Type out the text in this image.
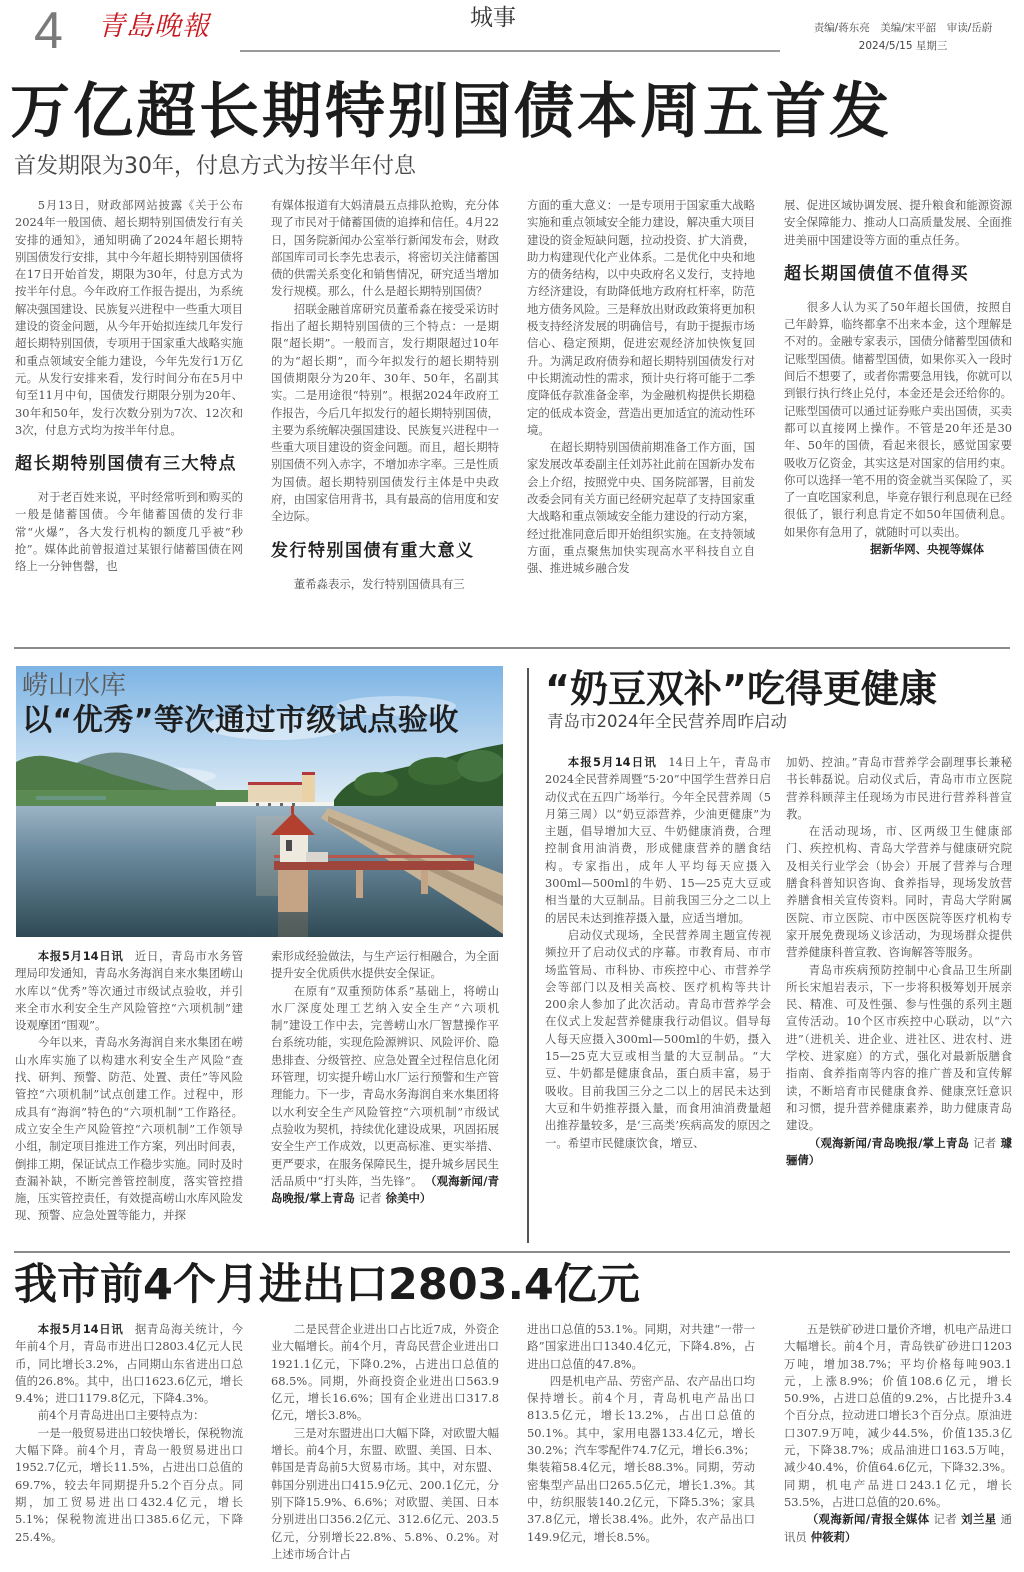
4 青島晚報	城事	责编/蒋东亮　美编/宋平韶　审读/岳蔚
2024/5/15 星期三
万亿超长期特别国债本周五首发
首发期限为30年，付息方式为按半年付息

5月13日，财政部网站披露《关于公布2024年一般国债、超长期特别国债发行有关安排的通知》，通知明确了2024年超长期特别国债发行安排，其中今年超长期特别国债将在17日开始首发，期限为30年，付息方式为按半年付息。今年政府工作报告提出，为系统解决强国建设、民族复兴进程中一些重大项目建设的资金问题，从今年开始拟连续几年发行超长期特别国债，专项用于国家重大战略实施和重点领域安全能力建设，今年先发行1万亿元。从发行安排来看，发行时间分布在5月中旬至11月中旬，国债发行期限分别为20年、30年和50年，发行次数分别为7次、12次和3次，付息方式均为按半年付息。

超长期特别国债有三大特点

对于老百姓来说，平时经常听到和购买的一般是储蓄国债。今年储蓄国债的发行非常“火爆”，各大发行机构的额度几乎被“秒抢”。媒体此前曾报道过某银行储蓄国债在网络上一分钟售罄，也

有媒体报道有大妈清晨五点排队抢购，充分体现了市民对于储蓄国债的追捧和信任。4月22日，国务院新闻办公室举行新闻发布会，财政部国库司司长李先忠表示，将密切关注储蓄国债的供需关系变化和销售情况，研究适当增加发行规模。那么，什么是超长期特别国债？

招联金融首席研究员董希淼在接受采访时指出了超长期特别国债的三个特点：一是期限“超长期”。一般而言，发行期限超过10年的为“超长期”，而今年拟发行的超长期特别国债期限分为20年、30年、50年，名副其实。二是用途很“特别”。根据2024年政府工作报告，今后几年拟发行的超长期特别国债，主要为系统解决强国建设、民族复兴进程中一些重大项目建设的资金问题。而且，超长期特别国债不列入赤字，不增加赤字率。三是性质为国债。超长期特别国债发行主体是中央政府，由国家信用背书，具有最高的信用度和安全边际。

发行特别国债有重大意义

董希淼表示，发行特别国债具有三

方面的重大意义：一是专项用于国家重大战略实施和重点领域安全能力建设，解决重大项目建设的资金短缺问题，拉动投资、扩大消费，助力构建现代化产业体系。二是优化中央和地方的债务结构，以中央政府名义发行，支持地方经济建设，有助降低地方政府杠杆率，防范地方债务风险。三是释放出财政政策将更加积极支持经济发展的明确信号，有助于提振市场信心、稳定预期，促进宏观经济加快恢复回升。为满足政府债券和超长期特别国债发行对中长期流动性的需求，预计央行将可能于二季度降低存款准备金率，为金融机构提供长期稳定的低成本资金，营造出更加适宜的流动性环境。

在超长期特别国债前期准备工作方面，国家发展改革委副主任刘苏社此前在国新办发布会上介绍，按照党中央、国务院部署，目前发改委会同有关方面已经研究起草了支持国家重大战略和重点领域安全能力建设的行动方案，经过批准同意后即开始组织实施。在支持领域方面，重点聚焦加快实现高水平科技自立自强、推进城乡融合发

展、促进区域协调发展、提升粮食和能源资源安全保障能力、推动人口高质量发展、全面推进美丽中国建设等方面的重点任务。

超长期国债值不值得买

很多人认为买了50年超长国债，按照自己年龄算，临终都拿不出来本金，这个理解是不对的。金融专家表示，国债分储蓄型国债和记账型国债。储蓄型国债，如果你买入一段时间后不想要了，或者你需要急用钱，你就可以到银行执行终止兑付，本金还是会还给你的。记账型国债可以通过证券账户卖出国债，买卖都可以直接网上操作。不管是20年还是30年、50年的国债，看起来很长，感觉国家要吸收万亿资金，其实这是对国家的信用约束。你可以选择一笔不用的资金就当买保险了，买了一直吃国家利息，毕竟存银行利息现在已经很低了，银行利息肯定不如50年国债利息。如果你有急用了，就随时可以卖出。

据新华网、央视等媒体

崂山水库
以“优秀”等次通过市级试点验收

本报5月14日讯 近日，青岛市水务管理局印发通知，青岛水务海润自来水集团崂山水库以“优秀”等次通过市级试点验收，并引来全市水利安全生产风险管控“六项机制”建设观摩团“围观”。

今年以来，青岛水务海润自来水集团在崂山水库实施了以构建水利安全生产风险“查找、研判、预警、防范、处置、责任”等风险管控“六项机制”试点创建工作。过程中，形成具有“海润”特色的“六项机制”工作路径。成立安全生产风险管控“六项机制”工作领导小组，制定项目推进工作方案，列出时间表，倒排工期，保证试点工作稳步实施。同时及时查漏补缺，不断完善管控制度，落实管控措施，压实管控责任，有效提高崂山水库风险发现、预警、应急处置等能力，并探

索形成经验做法，与生产运行相融合，为全面提升安全优质供水提供安全保证。

在原有“双重预防体系”基础上，将崂山水厂深度处理工艺纳入安全生产“六项机制”建设工作中去，完善崂山水厂智慧操作平台系统功能，实现危险源辨识、风险评价、隐患排查、分级管控、应急处置全过程信息化闭环管理，切实提升崂山水厂运行预警和生产管理能力。下一步，青岛水务海润自来水集团将以水利安全生产风险管控“六项机制”市级试点验收为契机，持续优化建设成果，巩固拓展安全生产工作成效，以更高标准、更实举措、更严要求，在服务保障民生，提升城乡居民生活品质中“打头阵，当先锋”。 （观海新闻/青岛晚报/掌上青岛 记者 徐美中）

“奶豆双补”吃得更健康
青岛市2024年全民营养周昨启动

本报5月14日讯 14日上午，青岛市2024全民营养周暨“5·20”中国学生营养日启动仪式在五四广场举行。今年全民营养周（5月第三周）以“奶豆添营养，少油更健康”为主题，倡导增加大豆、牛奶健康消费，合理控制食用油消费，形成健康营养的膳食结构。专家指出，成年人平均每天应摄入300ml—500ml的牛奶、15—25克大豆或相当量的大豆制品。目前我国三分之二以上的居民未达到推荐摄入量，应适当增加。

启动仪式现场，全民营养周主题宣传视频拉开了启动仪式的序幕。市教育局、市市场监管局、市科协、市疾控中心、市营养学会等部门以及相关高校、医疗机构等共计200余人参加了此次活动。青岛市营养学会在仪式上发起营养健康我行动倡议。倡导每人每天应摄入300ml—500ml的牛奶，摄入15—25克大豆或相当量的大豆制品。“大豆、牛奶都是健康食品，蛋白质丰富，易于吸收。目前我国三分之二以上的居民未达到大豆和牛奶推荐摄入量，而食用油消费量超出推荐量较多，是‘三高类’疾病高发的原因之一。希望市民健康饮食，增豆、

加奶、控油。”青岛市营养学会副理事长兼秘书长韩磊说。启动仪式后，青岛市市立医院营养科顾萍主任现场为市民进行营养科普宣教。

在活动现场，市、区两级卫生健康部门、疾控机构、青岛大学营养与健康研究院及相关行业学会（协会）开展了营养与合理膳食科普知识咨询、食养指导，现场发放营养膳食相关宣传资料。同时，青岛大学附属医院、市立医院、市中医医院等医疗机构专家开展免费现场义诊活动，为现场群众提供营养健康科普宣教、咨询解答等服务。

青岛市疾病预防控制中心食品卫生所副所长宋旭岩表示，下一步将积极筹划开展亲民、精准、可及性强、参与性强的系列主题宣传活动。10个区市疾控中心联动，以“六进”（进机关、进企业、进社区、进农村、进学校、进家庭）的方式，强化对最新版膳食指南、食养指南等内容的推广普及和宣传解读，不断培育市民健康食养、健康烹饪意识和习惯，提升营养健康素养，助力健康青岛建设。

（观海新闻/青岛晚报/掌上青岛 记者 璩骊倩）

我市前4个月进出口2803.4亿元

本报5月14日讯 据青岛海关统计，今年前4个月，青岛市进出口2803.4亿元人民币，同比增长3.2%，占同期山东省进出口总值的26.8%。其中，出口1623.6亿元，增长9.4%；进口1179.8亿元，下降4.3%。

前4个月青岛进出口主要特点为：

一是一般贸易进出口较快增长，保税物流大幅下降。前4个月，青岛一般贸易进出口1952.7亿元，增长11.5%，占进出口总值的69.7%，较去年同期提升5.2个百分点。同期，加工贸易进出口432.4亿元，增长5.1%；保税物流进出口385.6亿元，下降25.4%。

二是民营企业进出口占比近7成，外资企业大幅增长。前4个月，青岛民营企业进出口1921.1亿元，下降0.2%，占进出口总值的68.5%。同期，外商投资企业进出口563.9亿元，增长16.6%；国有企业进出口317.8亿元，增长3.8%。

三是对东盟进出口大幅下降，对欧盟大幅增长。前4个月，东盟、欧盟、美国、日本、韩国是青岛前5大贸易市场。其中，对东盟、韩国分别进出口415.9亿元、200.1亿元，分别下降15.9%、6.6%；对欧盟、美国、日本分别进出口356.2亿元、312.6亿元、203.5亿元，分别增长22.8%、5.8%、0.2%。对上述市场合计占

进出口总值的53.1%。同期，对共建“一带一路”国家进出口1340.4亿元，下降4.8%，占进出口总值的47.8%。

四是机电产品、劳密产品、农产品出口均保持增长。前4个月，青岛机电产品出口813.5亿元，增长13.2%，占出口总值的50.1%。其中，家用电器133.4亿元，增长30.2%；汽车零配件74.7亿元，增长6.3%；集装箱58.4亿元，增长88.3%。同期，劳动密集型产品出口265.5亿元，增长1.3%。其中，纺织服装140.2亿元，下降5.3%；家具37.8亿元，增长38.4%。此外，农产品出口149.9亿元，增长8.5%。

五是铁矿砂进口量价齐增，机电产品进口大幅增长。前4个月，青岛铁矿砂进口1203万吨，增加38.7%；平均价格每吨903.1元，上涨8.9%；价值108.6亿元，增长50.9%，占进口总值的9.2%，占比提升3.4个百分点，拉动进口增长3个百分点。原油进口307.9万吨，减少44.5%，价值135.3亿元，下降38.7%；成品油进口163.5万吨，减少40.4%，价值64.6亿元，下降32.3%。同期，机电产品进口243.1亿元，增长53.5%，占进口总值的20.6%。

（观海新闻/青报全媒体 记者 刘兰星 通讯员 仲筱莉）
